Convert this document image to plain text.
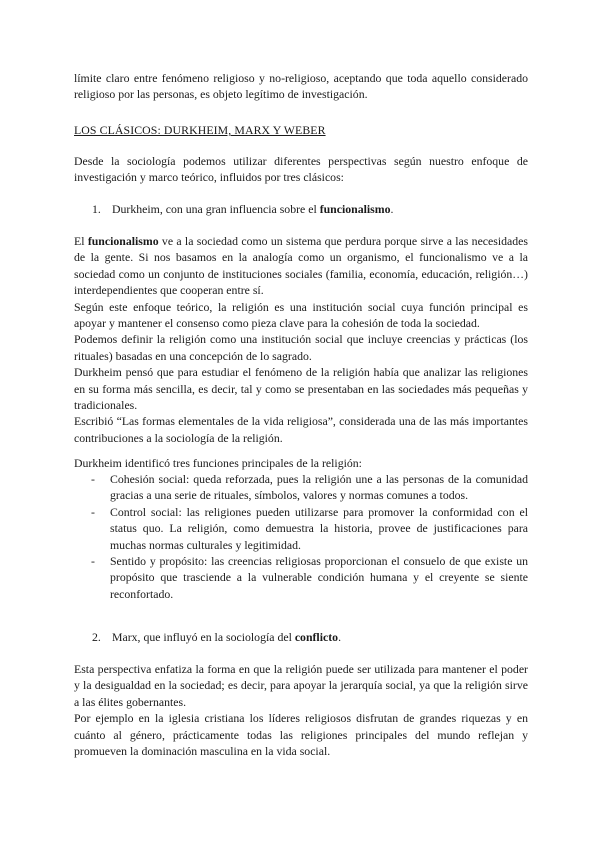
límite claro entre fenómeno religioso y no-religioso, aceptando que toda aquello considerado religioso por las personas, es objeto legítimo de investigación.

LOS CLÁSICOS: DURKHEIM, MARX Y WEBER

Desde la sociología podemos utilizar diferentes perspectivas según nuestro enfoque de investigación y marco teórico, influidos por tres clásicos:

1. Durkheim, con una gran influencia sobre el funcionalismo.

El funcionalismo ve a la sociedad como un sistema que perdura porque sirve a las necesidades de la gente. Si nos basamos en la analogía como un organismo, el funcionalismo ve a la sociedad como un conjunto de instituciones sociales (familia, economía, educación, religión…) interdependientes que cooperan entre sí.

Según este enfoque teórico, la religión es una institución social cuya función principal es apoyar y mantener el consenso como pieza clave para la cohesión de toda la sociedad.

Podemos definir la religión como una institución social que incluye creencias y prácticas (los rituales) basadas en una concepción de lo sagrado.

Durkheim pensó que para estudiar el fenómeno de la religión había que analizar las religiones en su forma más sencilla, es decir, tal y como se presentaban en las sociedades más pequeñas y tradicionales.

Escribió “Las formas elementales de la vida religiosa”, considerada una de las más importantes contribuciones a la sociología de la religión.

Durkheim identificó tres funciones principales de la religión:

- Cohesión social: queda reforzada, pues la religión une a las personas de la comunidad gracias a una serie de rituales, símbolos, valores y normas comunes a todos.
- Control social: las religiones pueden utilizarse para promover la conformidad con el status quo. La religión, como demuestra la historia, provee de justificaciones para muchas normas culturales y legitimidad.
- Sentido y propósito: las creencias religiosas proporcionan el consuelo de que existe un propósito que trasciende a la vulnerable condición humana y el creyente se siente reconfortado.
2. Marx, que influyó en la sociología del conflicto.

Esta perspectiva enfatiza la forma en que la religión puede ser utilizada para mantener el poder y la desigualdad en la sociedad; es decir, para apoyar la jerarquía social, ya que la religión sirve a las élites gobernantes.

Por ejemplo en la iglesia cristiana los líderes religiosos disfrutan de grandes riquezas y en cuánto al género, prácticamente todas las religiones principales del mundo reflejan y promueven la dominación masculina en la vida social.
